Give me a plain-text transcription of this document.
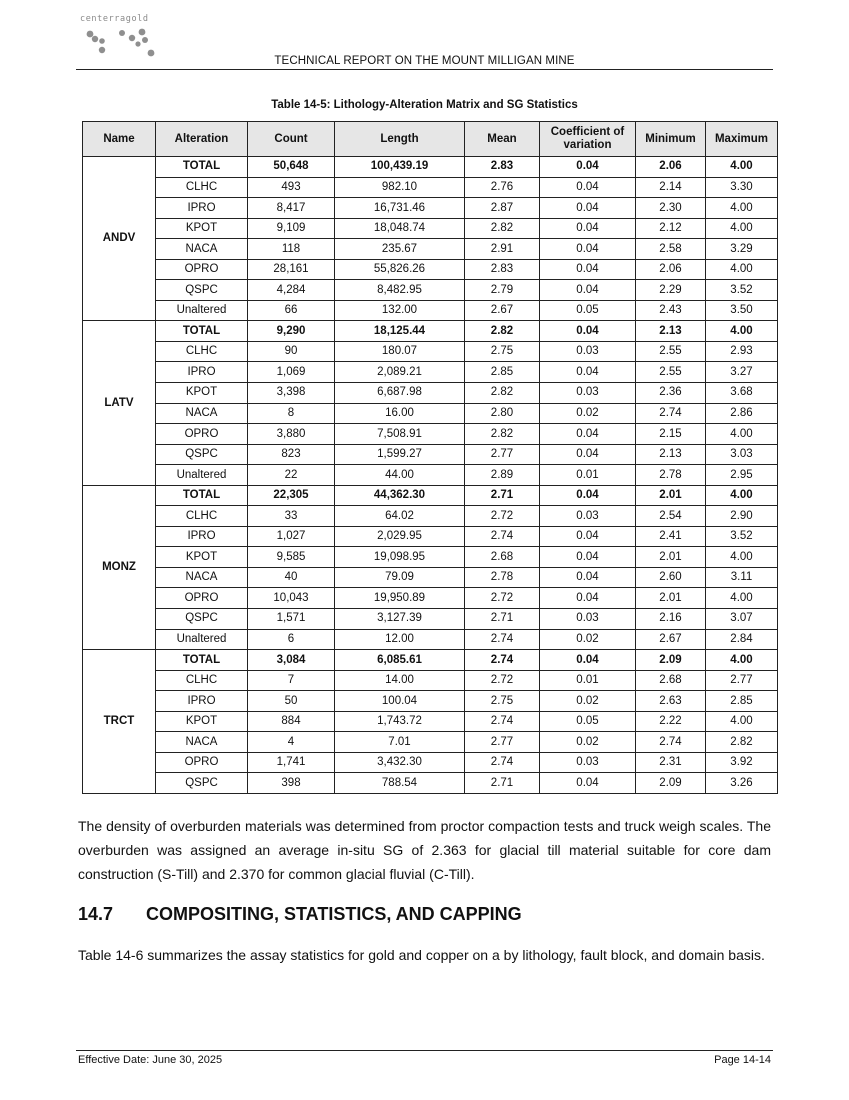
centerragold
TECHNICAL REPORT ON THE MOUNT MILLIGAN MINE
Table 14-5: Lithology-Alteration Matrix and SG Statistics
Name	Alteration	Count	Length	Mean	Coefficient of variation	Minimum	Maximum
ANDV	TOTAL	50,648	100,439.19	2.83	0.04	2.06	4.00
	CLHC	493	982.10	2.76	0.04	2.14	3.30
	IPRO	8,417	16,731.46	2.87	0.04	2.30	4.00
	KPOT	9,109	18,048.74	2.82	0.04	2.12	4.00
	NACA	118	235.67	2.91	0.04	2.58	3.29
	OPRO	28,161	55,826.26	2.83	0.04	2.06	4.00
	QSPC	4,284	8,482.95	2.79	0.04	2.29	3.52
	Unaltered	66	132.00	2.67	0.05	2.43	3.50
LATV	TOTAL	9,290	18,125.44	2.82	0.04	2.13	4.00
	CLHC	90	180.07	2.75	0.03	2.55	2.93
	IPRO	1,069	2,089.21	2.85	0.04	2.55	3.27
	KPOT	3,398	6,687.98	2.82	0.03	2.36	3.68
	NACA	8	16.00	2.80	0.02	2.74	2.86
	OPRO	3,880	7,508.91	2.82	0.04	2.15	4.00
	QSPC	823	1,599.27	2.77	0.04	2.13	3.03
	Unaltered	22	44.00	2.89	0.01	2.78	2.95
MONZ	TOTAL	22,305	44,362.30	2.71	0.04	2.01	4.00
	CLHC	33	64.02	2.72	0.03	2.54	2.90
	IPRO	1,027	2,029.95	2.74	0.04	2.41	3.52
	KPOT	9,585	19,098.95	2.68	0.04	2.01	4.00
	NACA	40	79.09	2.78	0.04	2.60	3.11
	OPRO	10,043	19,950.89	2.72	0.04	2.01	4.00
	QSPC	1,571	3,127.39	2.71	0.03	2.16	3.07
	Unaltered	6	12.00	2.74	0.02	2.67	2.84
TRCT	TOTAL	3,084	6,085.61	2.74	0.04	2.09	4.00
	CLHC	7	14.00	2.72	0.01	2.68	2.77
	IPRO	50	100.04	2.75	0.02	2.63	2.85
	KPOT	884	1,743.72	2.74	0.05	2.22	4.00
	NACA	4	7.01	2.77	0.02	2.74	2.82
	OPRO	1,741	3,432.30	2.74	0.03	2.31	3.92
	QSPC	398	788.54	2.71	0.04	2.09	3.26
The density of overburden materials was determined from proctor compaction tests and truck weigh scales. The overburden was assigned an average in-situ SG of 2.363 for glacial till material suitable for core dam construction (S-Till) and 2.370 for common glacial fluvial (C-Till).
14.7 COMPOSITING, STATISTICS, AND CAPPING
Table 14-6 summarizes the assay statistics for gold and copper on a by lithology, fault block, and domain basis.
Effective Date: June 30, 2025	Page 14-14
